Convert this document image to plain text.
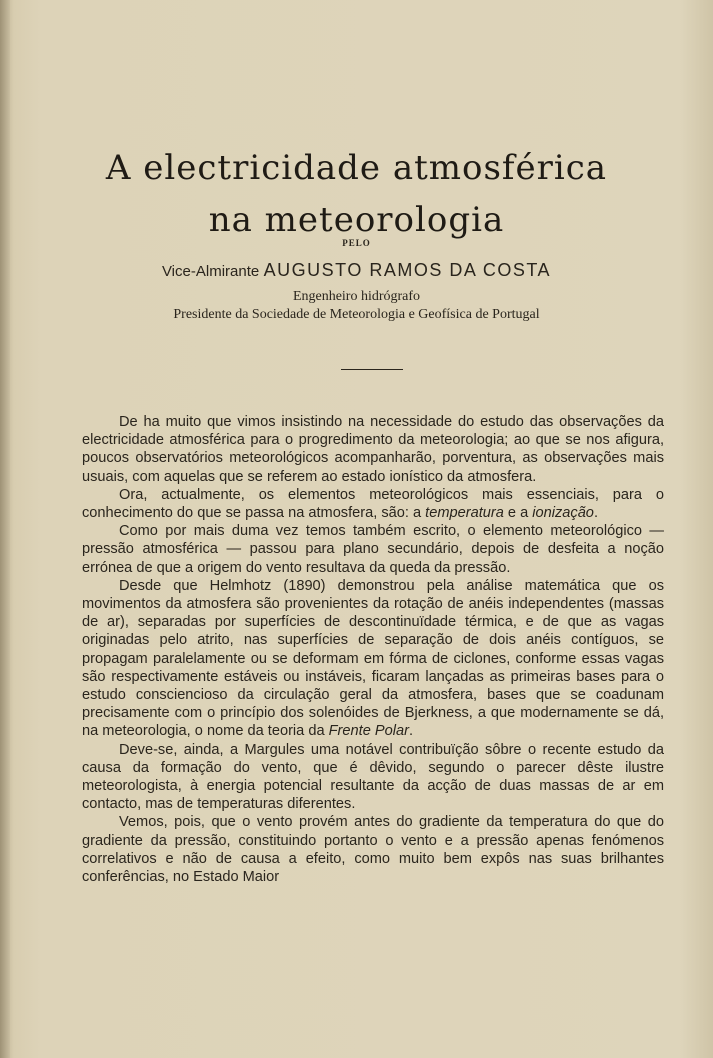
A electricidade atmosférica
na meteorologia
PELO
Vice-Almirante AUGUSTO RAMOS DA COSTA
Engenheiro hidrógrafo
Presidente da Sociedade de Meteorologia e Geofísica de Portugal

De ha muito que vimos insistindo na necessidade do estudo das observações da electricidade atmosférica para o progredimento da meteorologia; ao que se nos afigura, poucos observatórios meteorológicos acompanharão, porventura, as observações mais usuais, com aquelas que se referem ao estado ionístico da atmosfera.

Ora, actualmente, os elementos meteorológicos mais essenciais, para o conhecimento do que se passa na atmosfera, são: a temperatura e a ionização.

Como por mais duma vez temos também escrito, o elemento meteorológico — pressão atmosférica — passou para plano secundário, depois de desfeita a noção errónea de que a origem do vento resultava da queda da pressão.

Desde que Helmhotz (1890) demonstrou pela análise matemática que os movimentos da atmosfera são provenientes da rotação de anéis independentes (massas de ar), separadas por superfícies de descontinuïdade térmica, e de que as vagas originadas pelo atrito, nas superfícies de separação de dois anéis contíguos, se propagam paralelamente ou se deformam em fórma de ciclones, conforme essas vagas são respectivamente estáveis ou instáveis, ficaram lançadas as primeiras bases para o estudo consciencioso da circulação geral da atmosfera, bases que se coadunam precisamente com o princípio dos solenóides de Bjerkness, a que modernamente se dá, na meteorologia, o nome da teoria da Frente Polar.

Deve-se, ainda, a Margules uma notável contribuïção sôbre o recente estudo da causa da formação do vento, que é dêvido, segundo o parecer dêste ilustre meteorologista, à energia potencial resultante da acção de duas massas de ar em contacto, mas de temperaturas diferentes.

Vemos, pois, que o vento provém antes do gradiente da temperatura do que do gradiente da pressão, constituindo portanto o vento e a pressão apenas fenómenos correlativos e não de causa a efeito, como muito bem expôs nas suas brilhantes conferências, no Estado Maior
